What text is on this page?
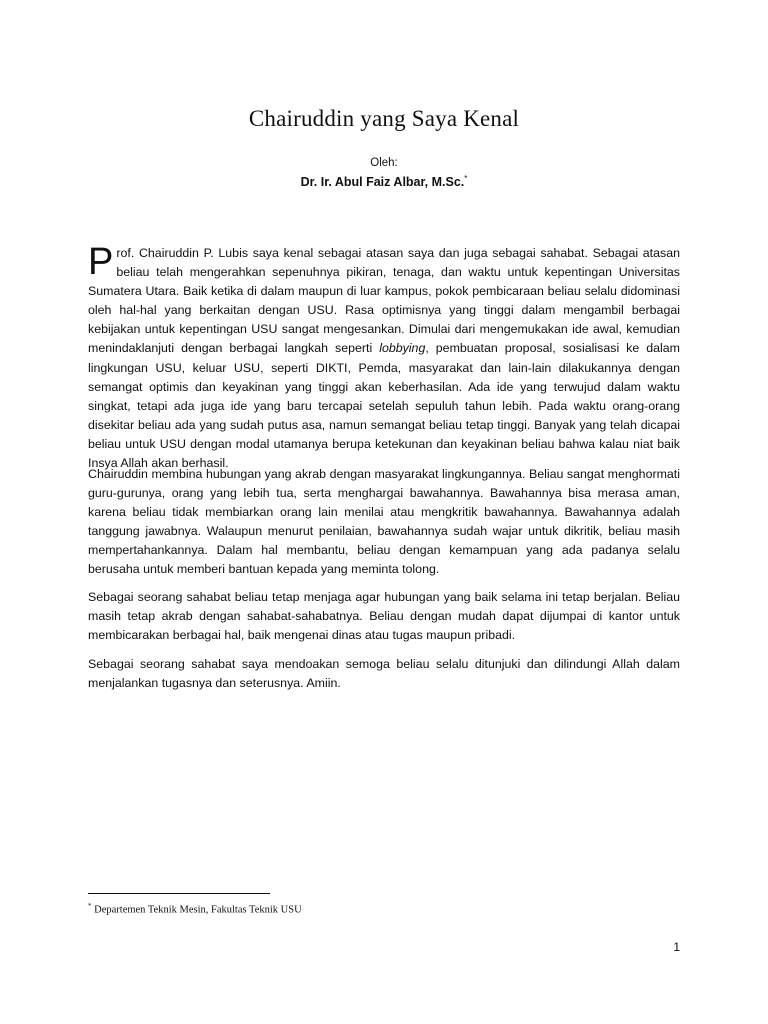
Chairuddin yang Saya Kenal
Oleh:
Dr. Ir. Abul Faiz Albar, M.Sc.*

Prof. Chairuddin P. Lubis saya kenal sebagai atasan saya dan juga sebagai sahabat. Sebagai atasan beliau telah mengerahkan sepenuhnya pikiran, tenaga, dan waktu untuk kepentingan Universitas Sumatera Utara. Baik ketika di dalam maupun di luar kampus, pokok pembicaraan beliau selalu didominasi oleh hal-hal yang berkaitan dengan USU. Rasa optimisnya yang tinggi dalam mengambil berbagai kebijakan untuk kepentingan USU sangat mengesankan. Dimulai dari mengemukakan ide awal, kemudian menindaklanjuti dengan berbagai langkah seperti lobbying, pembuatan proposal, sosialisasi ke dalam lingkungan USU, keluar USU, seperti DIKTI, Pemda, masyarakat dan lain-lain dilakukannya dengan semangat optimis dan keyakinan yang tinggi akan keberhasilan. Ada ide yang terwujud dalam waktu singkat, tetapi ada juga ide yang baru tercapai setelah sepuluh tahun lebih. Pada waktu orang-orang disekitar beliau ada yang sudah putus asa, namun semangat beliau tetap tinggi. Banyak yang telah dicapai beliau untuk USU dengan modal utamanya berupa ketekunan dan keyakinan beliau bahwa kalau niat baik Insya Allah akan berhasil.

Chairuddin membina hubungan yang akrab dengan masyarakat lingkungannya. Beliau sangat menghormati guru-gurunya, orang yang lebih tua, serta menghargai bawahannya. Bawahannya bisa merasa aman, karena beliau tidak membiarkan orang lain menilai atau mengkritik bawahannya. Bawahannya adalah tanggung jawabnya. Walaupun menurut penilaian, bawahannya sudah wajar untuk dikritik, beliau masih mempertahankannya. Dalam hal membantu, beliau dengan kemampuan yang ada padanya selalu berusaha untuk memberi bantuan kepada yang meminta tolong.

Sebagai seorang sahabat beliau tetap menjaga agar hubungan yang baik selama ini tetap berjalan. Beliau masih tetap akrab dengan sahabat-sahabatnya. Beliau dengan mudah dapat dijumpai di kantor untuk membicarakan berbagai hal, baik mengenai dinas atau tugas maupun pribadi.

Sebagai seorang sahabat saya mendoakan semoga beliau selalu ditunjuki dan dilindungi Allah dalam menjalankan tugasnya dan seterusnya. Amiin.

* Departemen Teknik Mesin, Fakultas Teknik USU
1
